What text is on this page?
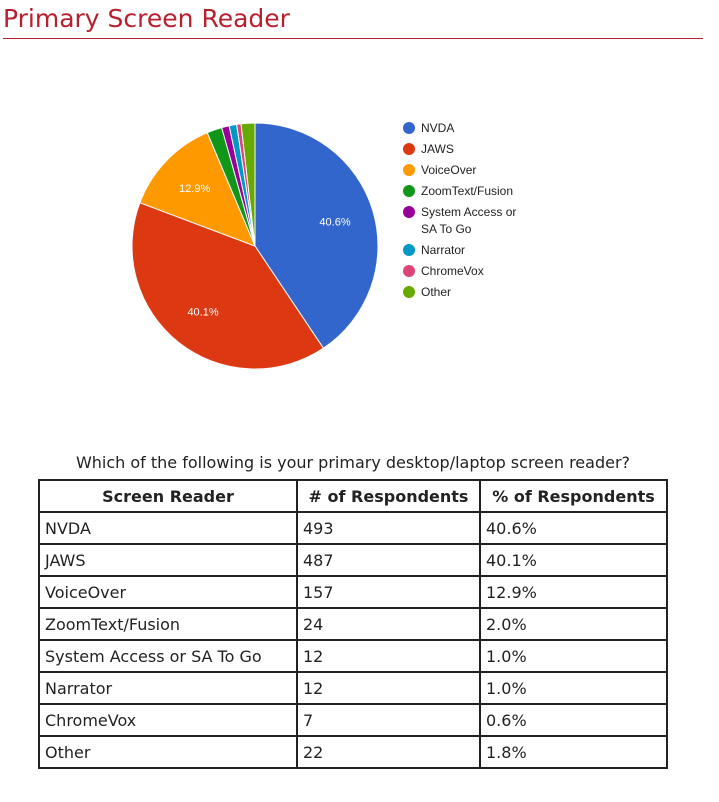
Primary Screen Reader
40.6%
40.1%
12.9%
NVDA
JAWS
VoiceOver
ZoomText/Fusion
System Access or
SA To Go
Narrator
ChromeVox
Other
Which of the following is your primary desktop/laptop screen reader?
Screen Reader	# of Respondents	% of Respondents
NVDA	493	40.6%
JAWS	487	40.1%
VoiceOver	157	12.9%
ZoomText/Fusion	24	2.0%
System Access or SA To Go	12	1.0%
Narrator	12	1.0%
ChromeVox	7	0.6%
Other	22	1.8%
